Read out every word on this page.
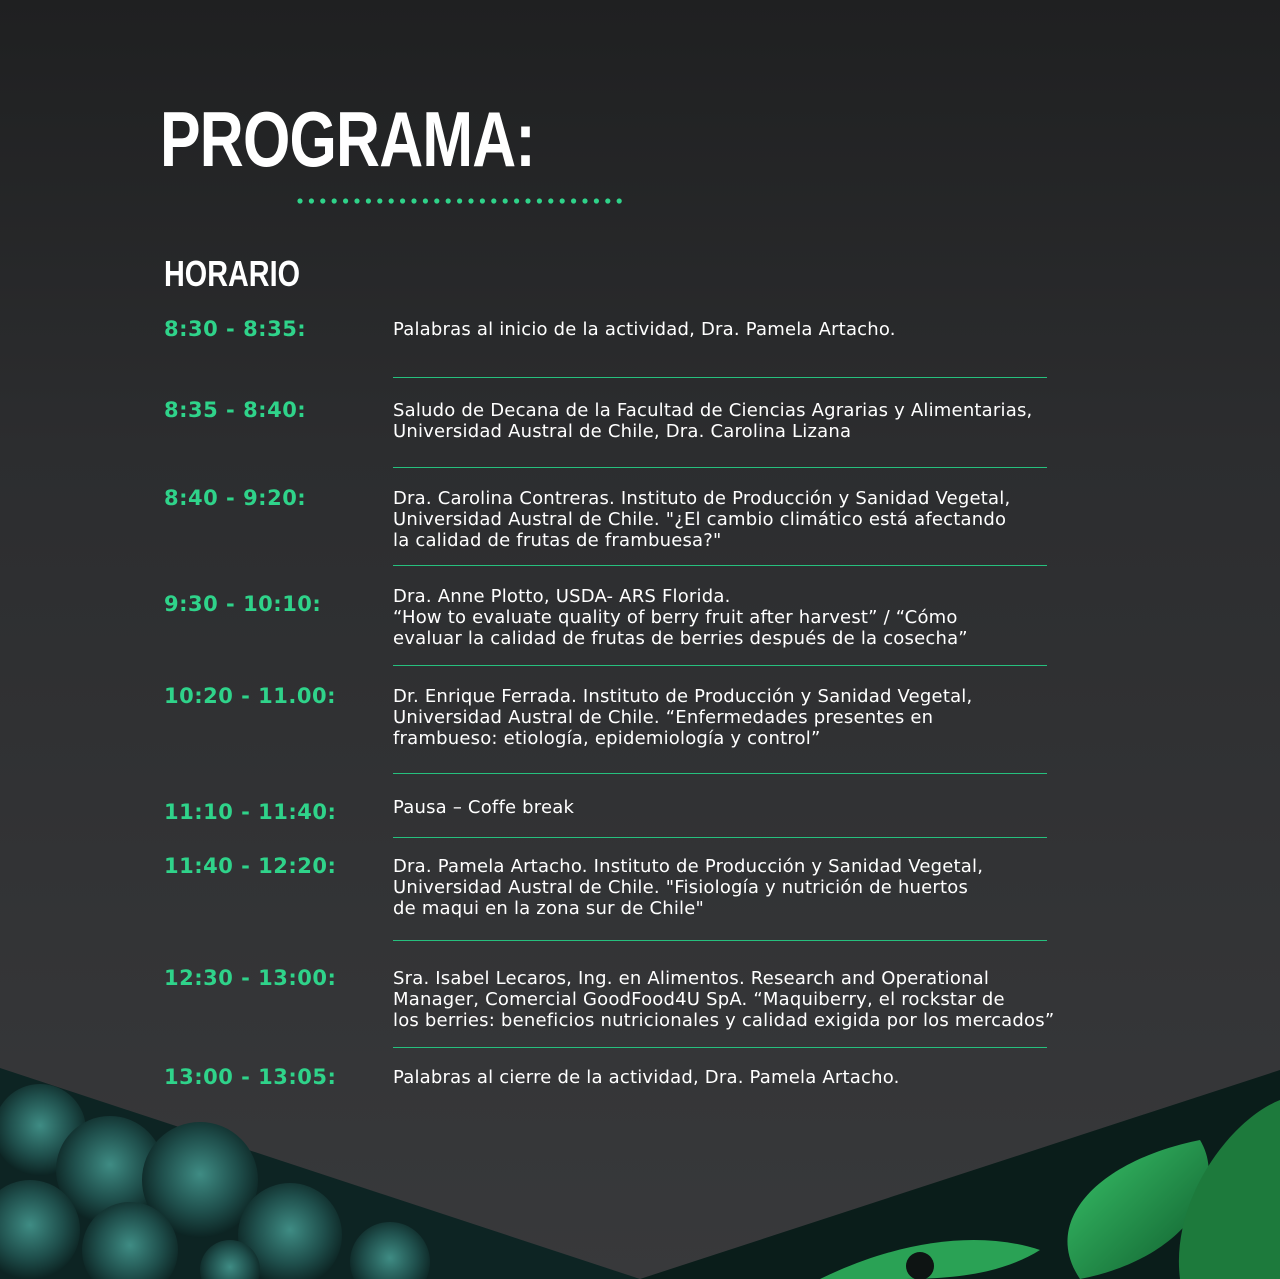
PROGRAMA:
HORARIO
8:30 - 8:35:	Palabras al inicio de la actividad, Dra. Pamela Artacho.
8:35 - 8:40:	Saludo de Decana de la Facultad de Ciencias Agrarias y Alimentarias,
Universidad Austral de Chile, Dra. Carolina Lizana
8:40 - 9:20:	Dra. Carolina Contreras. Instituto de Producción y Sanidad Vegetal,
Universidad Austral de Chile. "¿El cambio climático está afectando
la calidad de frutas de frambuesa?"
9:30 - 10:10:	Dra. Anne Plotto, USDA- ARS Florida.
“How to evaluate quality of berry fruit after harvest” / “Cómo
evaluar la calidad de frutas de berries después de la cosecha”
10:20 - 11.00:	Dr. Enrique Ferrada. Instituto de Producción y Sanidad Vegetal,
Universidad Austral de Chile. “Enfermedades presentes en
frambueso: etiología, epidemiología y control”
11:10 - 11:40:	Pausa – Coffe break
11:40 - 12:20:	Dra. Pamela Artacho. Instituto de Producción y Sanidad Vegetal,
Universidad Austral de Chile. "Fisiología y nutrición de huertos
de maqui en la zona sur de Chile"
12:30 - 13:00:	Sra. Isabel Lecaros, Ing. en Alimentos. Research and Operational
Manager, Comercial GoodFood4U SpA. “Maquiberry, el rockstar de
los berries: beneficios nutricionales y calidad exigida por los mercados”
13:00 - 13:05:	Palabras al cierre de la actividad, Dra. Pamela Artacho.
